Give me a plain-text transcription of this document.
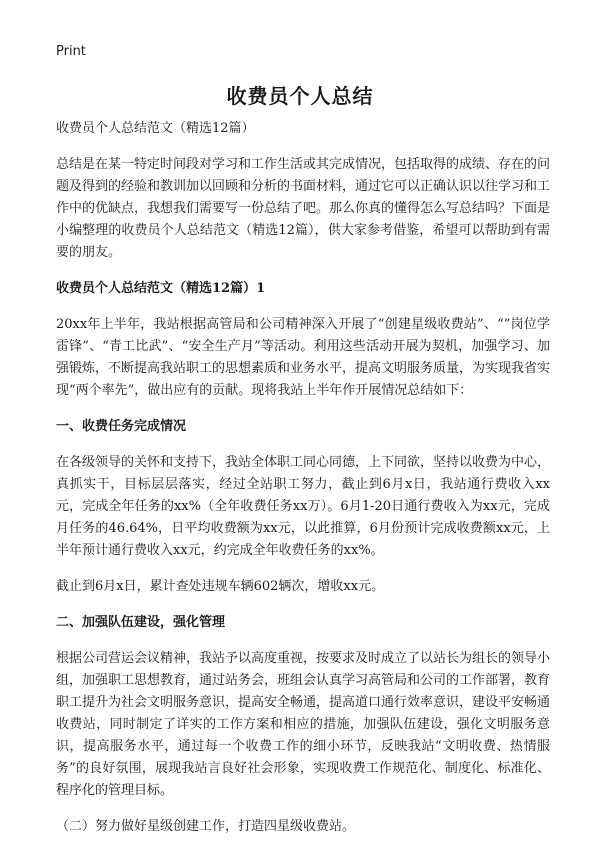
Print
收费员个人总结

收费员个人总结范文（精选12篇）

总结是在某一特定时间段对学习和工作生活或其完成情况，包括取得的成绩、存在的问题及得到的经验和教训加以回顾和分析的书面材料，通过它可以正确认识以往学习和工作中的优缺点，我想我们需要写一份总结了吧。那么你真的懂得怎么写总结吗？下面是小编整理的收费员个人总结范文（精选12篇），供大家参考借鉴，希望可以帮助到有需要的朋友。

收费员个人总结范文（精选12篇）1

20xx年上半年，我站根据高管局和公司精神深入开展了“创建星级收费站”、“”岗位学雷锋”、“青工比武”、“安全生产月”等活动。利用这些活动开展为契机，加强学习、加强锻炼，不断提高我站职工的思想素质和业务水平，提高文明服务质量，为实现我省实现“两个率先”，做出应有的贡献。现将我站上半年作开展情况总结如下：

一、收费任务完成情况

在各级领导的关怀和支持下，我站全体职工同心同德，上下同欲，坚持以收费为中心，真抓实干，目标层层落实，经过全站职工努力，截止到6月x日，我站通行费收入xx元，完成全年任务的xx%（全年收费任务xx万）。6月1-20日通行费收入为xx元，完成月任务的46.64%，日平均收费额为xx元，以此推算，6月份预计完成收费额xx元，上半年预计通行费收入xx元，约完成全年收费任务的xx%。

截止到6月x日，累计查处违规车辆602辆次，增收xx元。

二、加强队伍建设，强化管理

根据公司营运会议精神，我站予以高度重视，按要求及时成立了以站长为组长的领导小组，加强职工思想教育，通过站务会，班组会认真学习高管局和公司的工作部署，教育职工提升为社会文明服务意识，提高安全畅通，提高道口通行效率意识，建设平安畅通收费站，同时制定了详实的工作方案和相应的措施，加强队伍建设，强化文明服务意识，提高服务水平，通过每一个收费工作的细小环节，反映我站“文明收费、热情服务”的良好氛围，展现我站言良好社会形象，实现收费工作规范化、制度化、标准化、程序化的管理目标。

（二）努力做好星级创建工作，打造四星级收费站。
